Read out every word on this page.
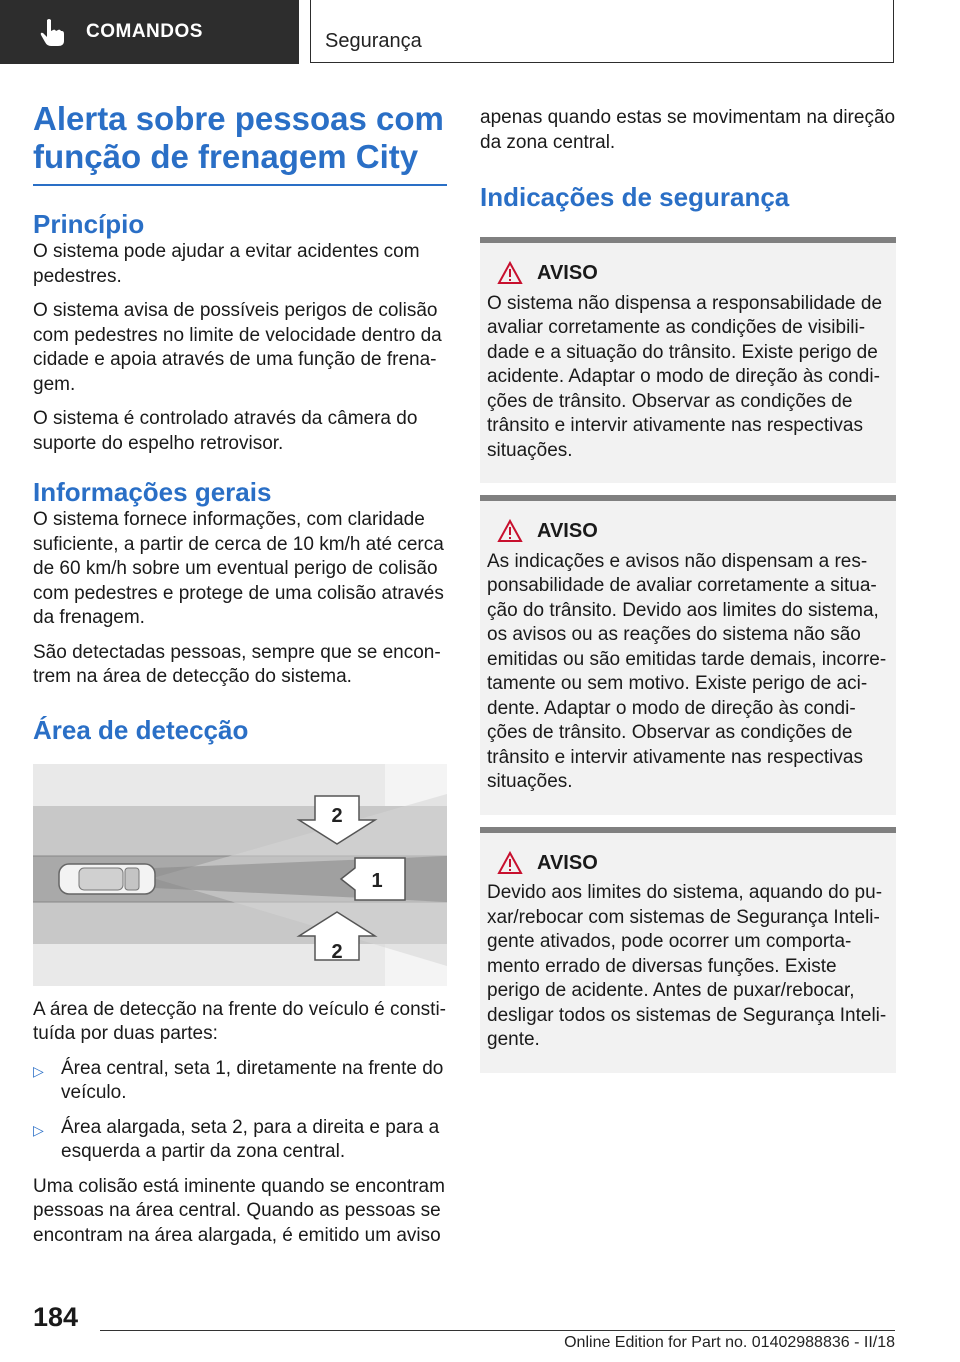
COMANDOS	Segurança
Alerta sobre pessoas com função de frenagem City
Princípio

O sistema pode ajudar a evitar acidentes com pedestres.

O sistema avisa de possíveis perigos de colisão com pedestres no limite de velocidade dentro da cidade e apoia através de uma função de frenagem.

O sistema é controlado através da câmera do suporte do espelho retrovisor.

Informações gerais

O sistema fornece informações, com claridade suficiente, a partir de cerca de 10 km/h até cerca de 60 km/h sobre um eventual perigo de colisão com pedestres e protege de uma colisão através da frenagem.

São detectadas pessoas, sempre que se encontrem na área de detecção do sistema.

Área de detecção
2
1
2

A área de detecção na frente do veículo é constituída por duas partes:

▷ Área central, seta 1, diretamente na frente do veículo.
▷ Área alargada, seta 2, para a direita e para a esquerda a partir da zona central.

Uma colisão está iminente quando se encontram pessoas na área central. Quando as pessoas se encontram na área alargada, é emitido um aviso

apenas quando estas se movimentam na direção da zona central.

Indicações de segurança
AVISO

O sistema não dispensa a responsabilidade de avaliar corretamente as condições de visibilidade e a situação do trânsito. Existe perigo de acidente. Adaptar o modo de direção às condições de trânsito. Observar as condições de trânsito e intervir ativamente nas respectivas situações.

AVISO

As indicações e avisos não dispensam a responsabilidade de avaliar corretamente a situação do trânsito. Devido aos limites do sistema, os avisos ou as reações do sistema não são emitidas ou são emitidas tarde demais, incorretamente ou sem motivo. Existe perigo de acidente. Adaptar o modo de direção às condições de trânsito. Observar as condições de trânsito e intervir ativamente nas respectivas situações.

AVISO

Devido aos limites do sistema, aquando do puxar/rebocar com sistemas de Segurança Inteligente ativados, pode ocorrer um comportamento errado de diversas funções. Existe perigo de acidente. Antes de puxar/rebocar, desligar todos os sistemas de Segurança Inteligente.

184
Online Edition for Part no. 01402988836 - II/18
